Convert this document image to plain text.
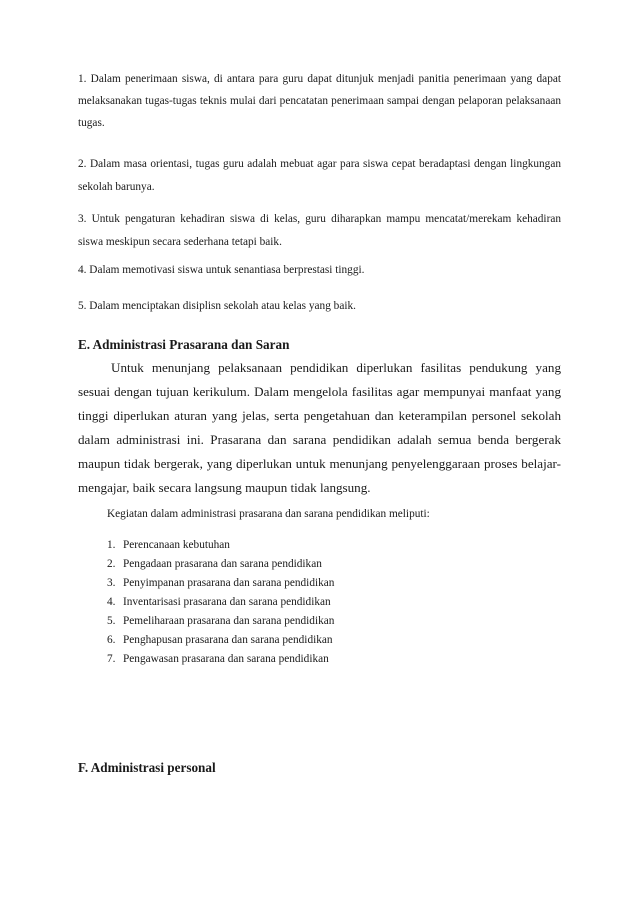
1. Dalam penerimaan siswa, di antara para guru dapat ditunjuk menjadi panitia penerimaan yang dapat melaksanakan tugas-tugas teknis mulai dari pencatatan penerimaan sampai dengan pelaporan pelaksanaan tugas.

2. Dalam masa orientasi, tugas guru adalah mebuat agar para siswa cepat beradaptasi dengan lingkungan sekolah barunya.

3. Untuk pengaturan kehadiran siswa di kelas, guru diharapkan mampu mencatat/merekam kehadiran siswa meskipun secara sederhana tetapi baik.

4. Dalam memotivasi siswa untuk senantiasa berprestasi tinggi.

5. Dalam menciptakan disiplisn sekolah atau kelas yang baik.

E. Administrasi Prasarana dan Saran

Untuk menunjang pelaksanaan pendidikan diperlukan fasilitas pendukung yang sesuai dengan tujuan kerikulum. Dalam mengelola fasilitas agar mempunyai manfaat yang tinggi diperlukan aturan yang jelas, serta pengetahuan dan keterampilan personel sekolah dalam administrasi ini. Prasarana dan sarana pendidikan adalah semua benda bergerak maupun tidak bergerak, yang diperlukan untuk menunjang penyelenggaraan proses belajar-mengajar, baik secara langsung maupun tidak langsung.

Kegiatan dalam administrasi prasarana dan sarana pendidikan meliputi:

1. Perencanaan kebutuhan
2. Pengadaan prasarana dan sarana pendidikan
3. Penyimpanan prasarana dan sarana pendidikan
4. Inventarisasi prasarana dan sarana pendidikan
5. Pemeliharaan prasarana dan sarana pendidikan
6. Penghapusan prasarana dan sarana pendidikan
7. Pengawasan prasarana dan sarana pendidikan
F. Administrasi personal
